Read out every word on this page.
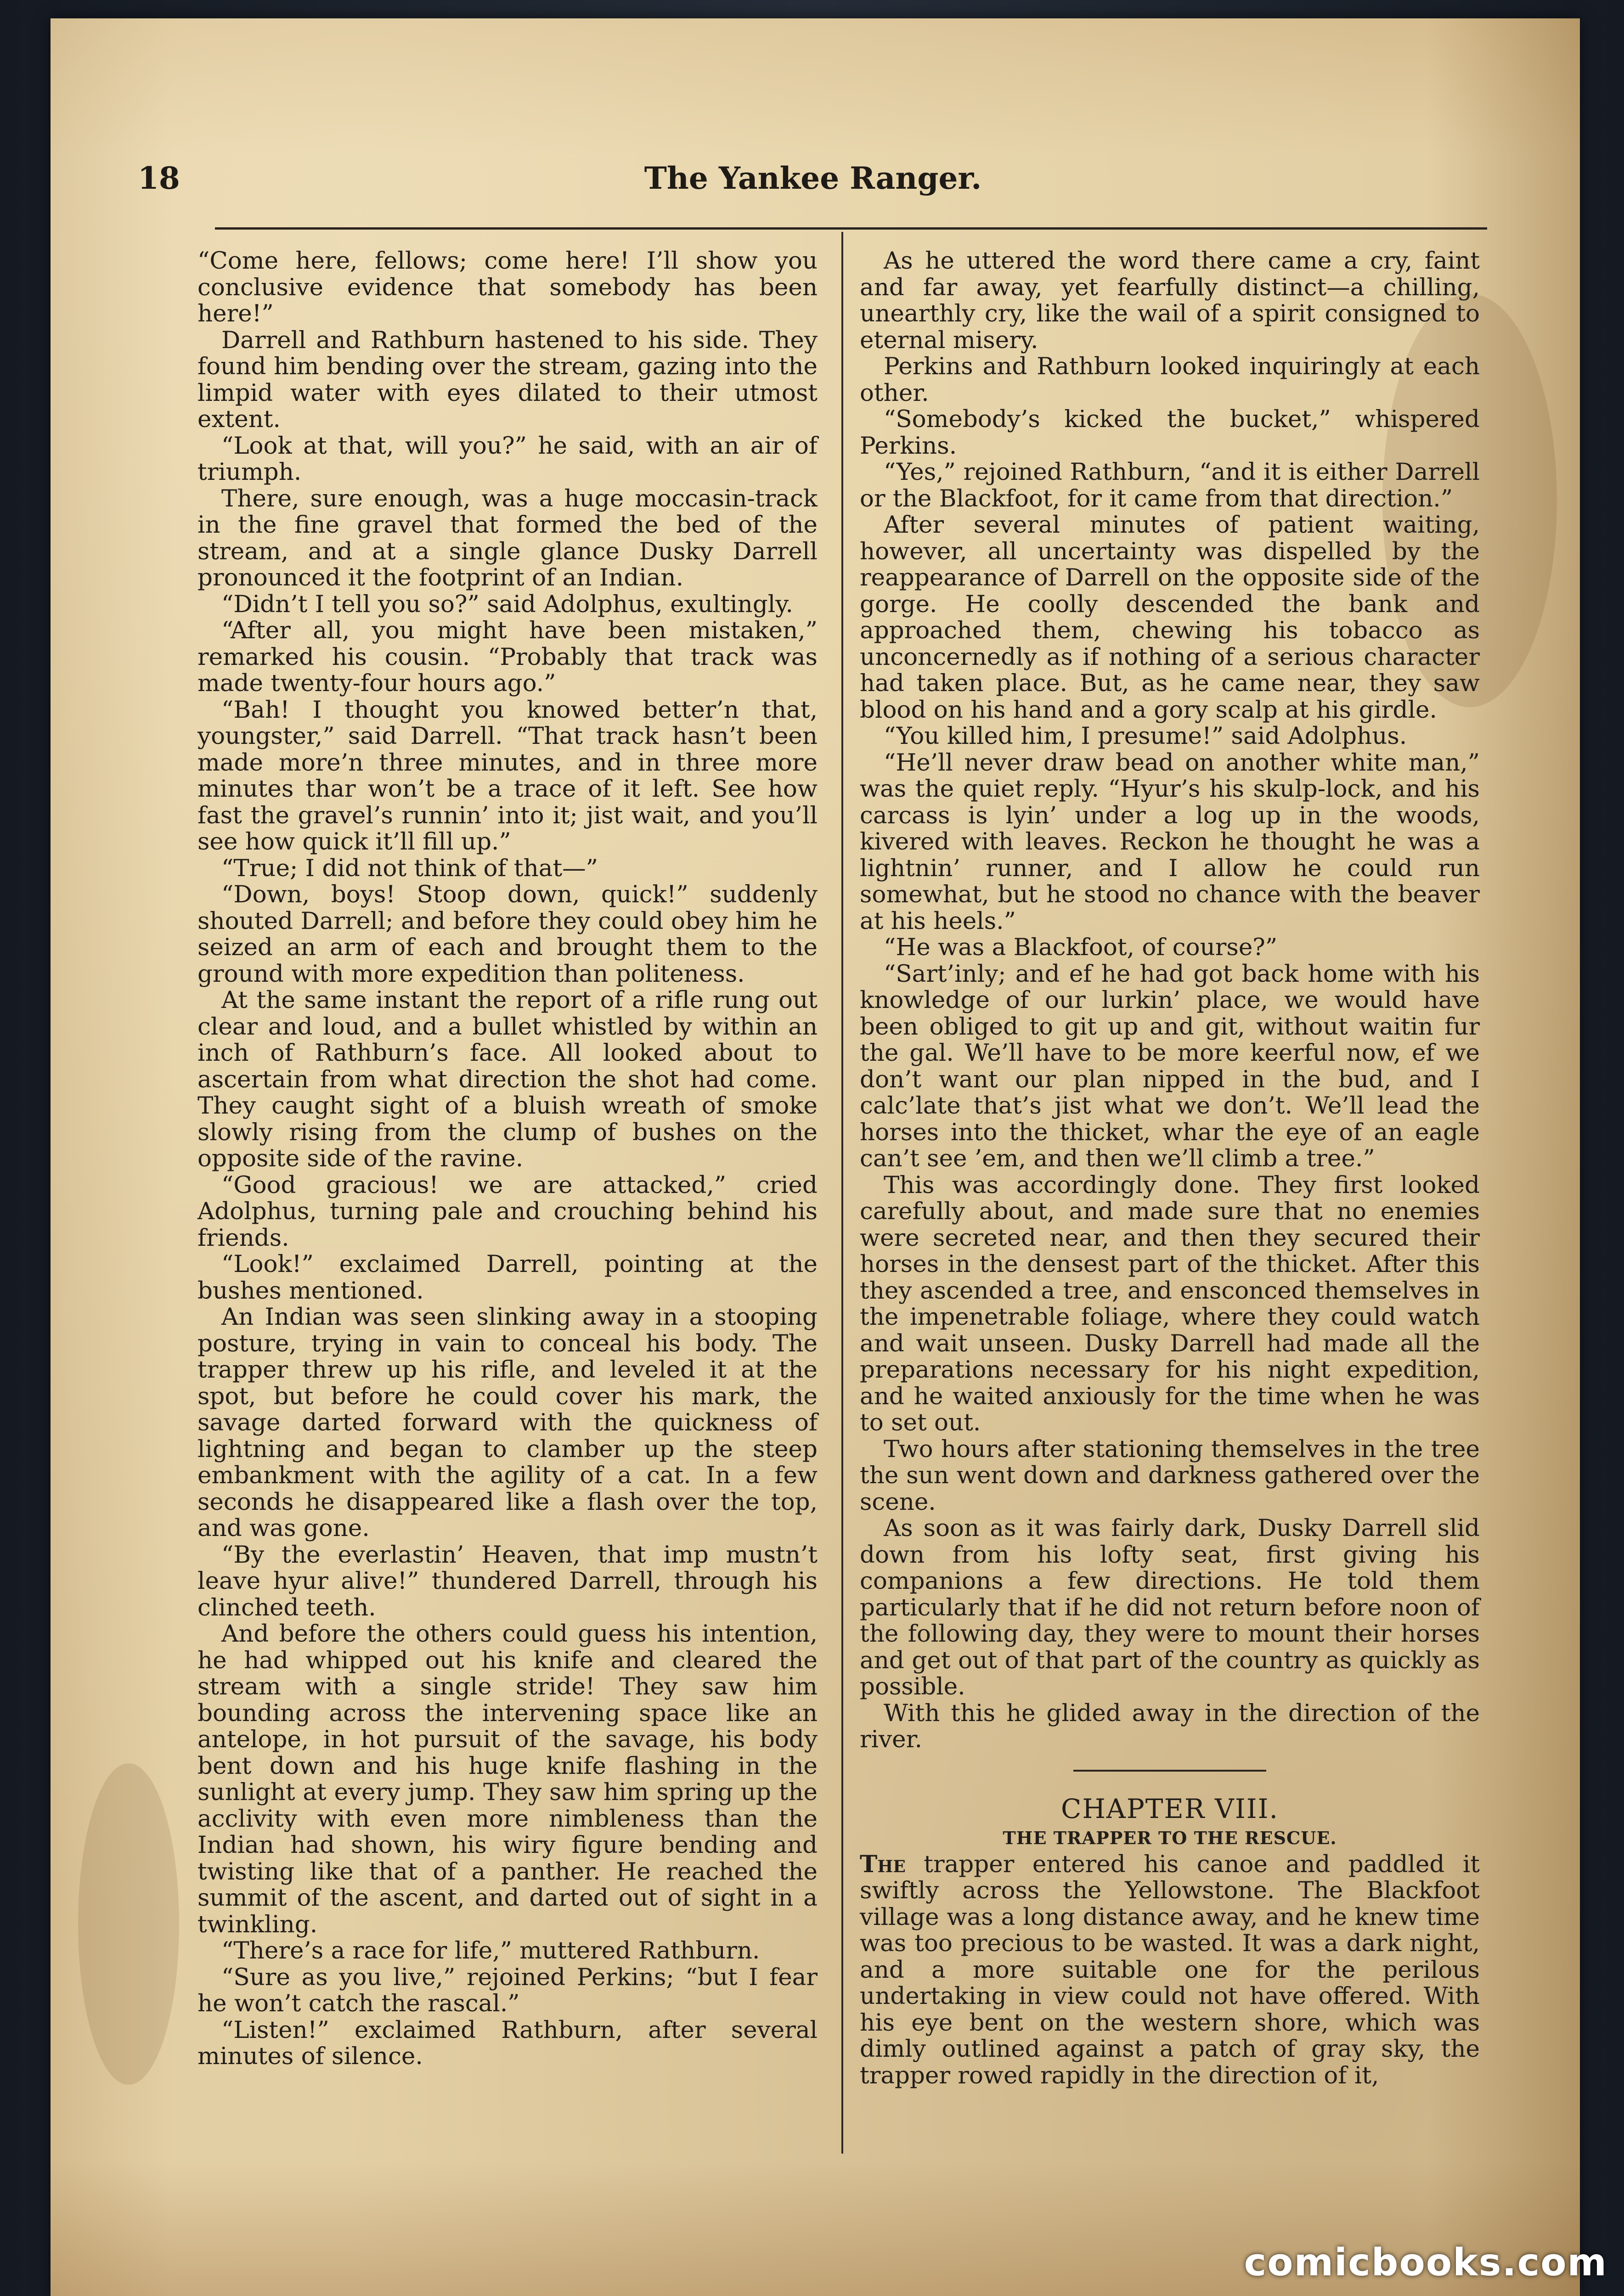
18	The Yankee Ranger.

“Come here, fellows; come here! I’ll show you conclusive evidence that somebody has been here!”

Darrell and Rathburn hastened to his side. They found him bending over the stream, gazing into the limpid water with eyes dilated to their utmost extent.

“Look at that, will you?” he said, with an air of triumph.

There, sure enough, was a huge moccasin-track in the fine gravel that formed the bed of the stream, and at a single glance Dusky Darrell pronounced it the footprint of an Indian.

“Didn’t I tell you so?” said Adolphus, exultingly.

“After all, you might have been mistaken,” remarked his cousin. “Probably that track was made twenty-four hours ago.”

“Bah! I thought you knowed better’n that, youngster,” said Darrell. “That track hasn’t been made more’n three minutes, and in three more minutes thar won’t be a trace of it left. See how fast the gravel’s runnin’ into it; jist wait, and you’ll see how quick it’ll fill up.”

“True; I did not think of that—”

“Down, boys! Stoop down, quick!” suddenly shouted Darrell; and before they could obey him he seized an arm of each and brought them to the ground with more expedition than politeness.

At the same instant the report of a rifle rung out clear and loud, and a bullet whistled by within an inch of Rathburn’s face. All looked about to ascertain from what direction the shot had come. They caught sight of a bluish wreath of smoke slowly rising from the clump of bushes on the opposite side of the ravine.

“Good gracious! we are attacked,” cried Adolphus, turning pale and crouching behind his friends.

“Look!” exclaimed Darrell, pointing at the bushes mentioned.

An Indian was seen slinking away in a stooping posture, trying in vain to conceal his body. The trapper threw up his rifle, and leveled it at the spot, but before he could cover his mark, the savage darted forward with the quickness of lightning and began to clamber up the steep embankment with the agility of a cat. In a few seconds he disappeared like a flash over the top, and was gone.

“By the everlastin’ Heaven, that imp mustn’t leave hyur alive!” thundered Darrell, through his clinched teeth.

And before the others could guess his intention, he had whipped out his knife and cleared the stream with a single stride! They saw him bounding across the intervening space like an antelope, in hot pursuit of the savage, his body bent down and his huge knife flashing in the sunlight at every jump. They saw him spring up the acclivity with even more nimbleness than the Indian had shown, his wiry figure bending and twisting like that of a panther. He reached the summit of the ascent, and darted out of sight in a twinkling.

“There’s a race for life,” muttered Rathburn.

“Sure as you live,” rejoined Perkins; “but I fear he won’t catch the rascal.”

“Listen!” exclaimed Rathburn, after several minutes of silence.

As he uttered the word there came a cry, faint and far away, yet fearfully distinct—a chilling, unearthly cry, like the wail of a spirit consigned to eternal misery.

Perkins and Rathburn looked inquiringly at each other.

“Somebody’s kicked the bucket,” whispered Perkins.

“Yes,” rejoined Rathburn, “and it is either Darrell or the Blackfoot, for it came from that direction.”

After several minutes of patient waiting, however, all uncertainty was dispelled by the reappearance of Darrell on the opposite side of the gorge. He coolly descended the bank and approached them, chewing his tobacco as unconcernedly as if nothing of a serious character had taken place. But, as he came near, they saw blood on his hand and a gory scalp at his girdle.

“You killed him, I presume!” said Adolphus.

“He’ll never draw bead on another white man,” was the quiet reply. “Hyur’s his skulp-lock, and his carcass is lyin’ under a log up in the woods, kivered with leaves. Reckon he thought he was a lightnin’ runner, and I allow he could run somewhat, but he stood no chance with the beaver at his heels.”

“He was a Blackfoot, of course?”

“Sart’inly; and ef he had got back home with his knowledge of our lurkin’ place, we would have been obliged to git up and git, without waitin fur the gal. We’ll have to be more keerful now, ef we don’t want our plan nipped in the bud, and I calc’late that’s jist what we don’t. We’ll lead the horses into the thicket, whar the eye of an eagle can’t see ’em, and then we’ll climb a tree.”

This was accordingly done. They first looked carefully about, and made sure that no enemies were secreted near, and then they secured their horses in the densest part of the thicket. After this they ascended a tree, and ensconced themselves in the impenetrable foliage, where they could watch and wait unseen. Dusky Darrell had made all the preparations necessary for his night expedition, and he waited anxiously for the time when he was to set out.

Two hours after stationing themselves in the tree the sun went down and darkness gathered over the scene.

As soon as it was fairly dark, Dusky Darrell slid down from his lofty seat, first giving his companions a few directions. He told them particularly that if he did not return before noon of the following day, they were to mount their horses and get out of that part of the country as quickly as possible.

With this he glided away in the direction of the river.

CHAPTER VIII.
THE TRAPPER TO THE RESCUE.

The trapper entered his canoe and paddled it swiftly across the Yellowstone. The Blackfoot village was a long distance away, and he knew time was too precious to be wasted. It was a dark night, and a more suitable one for the perilous undertaking in view could not have offered. With his eye bent on the western shore, which was dimly outlined against a patch of gray sky, the trapper rowed rapidly in the direction of it,

comicbooks.com
